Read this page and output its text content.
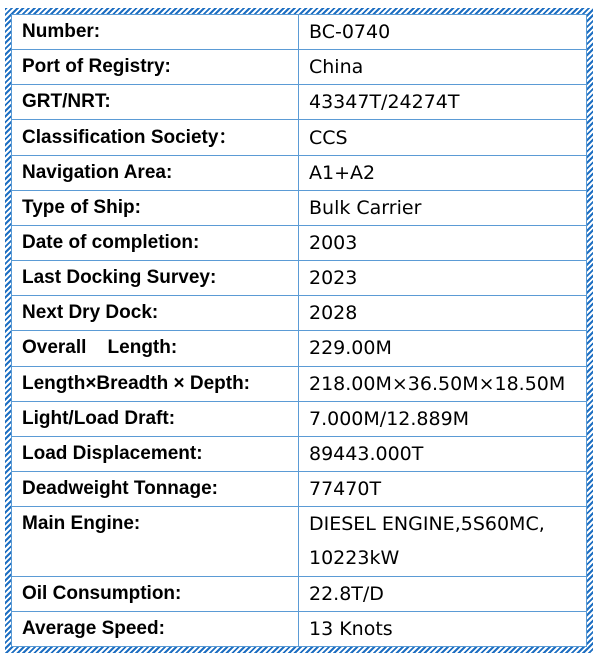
Number:	BC-0740
Port of Registry:	China
GRT/NRT:	43347T/24274T
Classification Society：	CCS
Navigation Area:	A1+A2
Type of Ship:	Bulk Carrier
Date of completion:	2003
Last Docking Survey:	2023
Next Dry Dock:	2028
Overall    Length:	229.00M
Length×Breadth × Depth:	218.00M×36.50M×18.50M
Light/Load Draft:	7.000M/12.889M
Load Displacement:	89443.000T
Deadweight Tonnage:	77470T
Main Engine:	DIESEL ENGINE,5S60MC,
10223kW

Oil Consumption:	22.8T/D
Average Speed:	13 Knots
